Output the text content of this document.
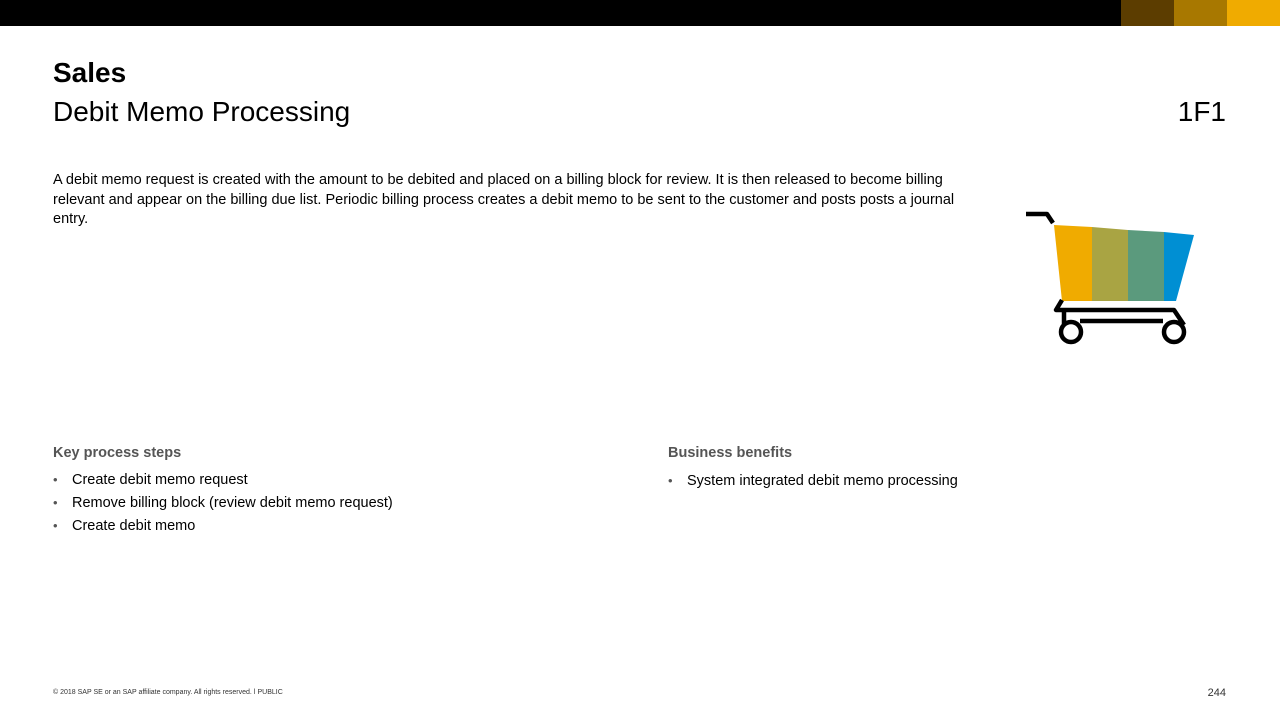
Sales
Debit Memo Processing	1F1

A debit memo request is created with the amount to be debited and placed on a billing block for review. It is then released to become billing relevant and appear on the billing due list. Periodic billing process creates a debit memo to be sent to the customer and posts posts a journal entry.

Key process steps
• Create debit memo request
• Remove billing block (review debit memo request)
• Create debit memo
Business benefits
• System integrated debit memo processing
© 2018 SAP SE or an SAP affiliate company. All rights reserved. ǀ PUBLIC	244
